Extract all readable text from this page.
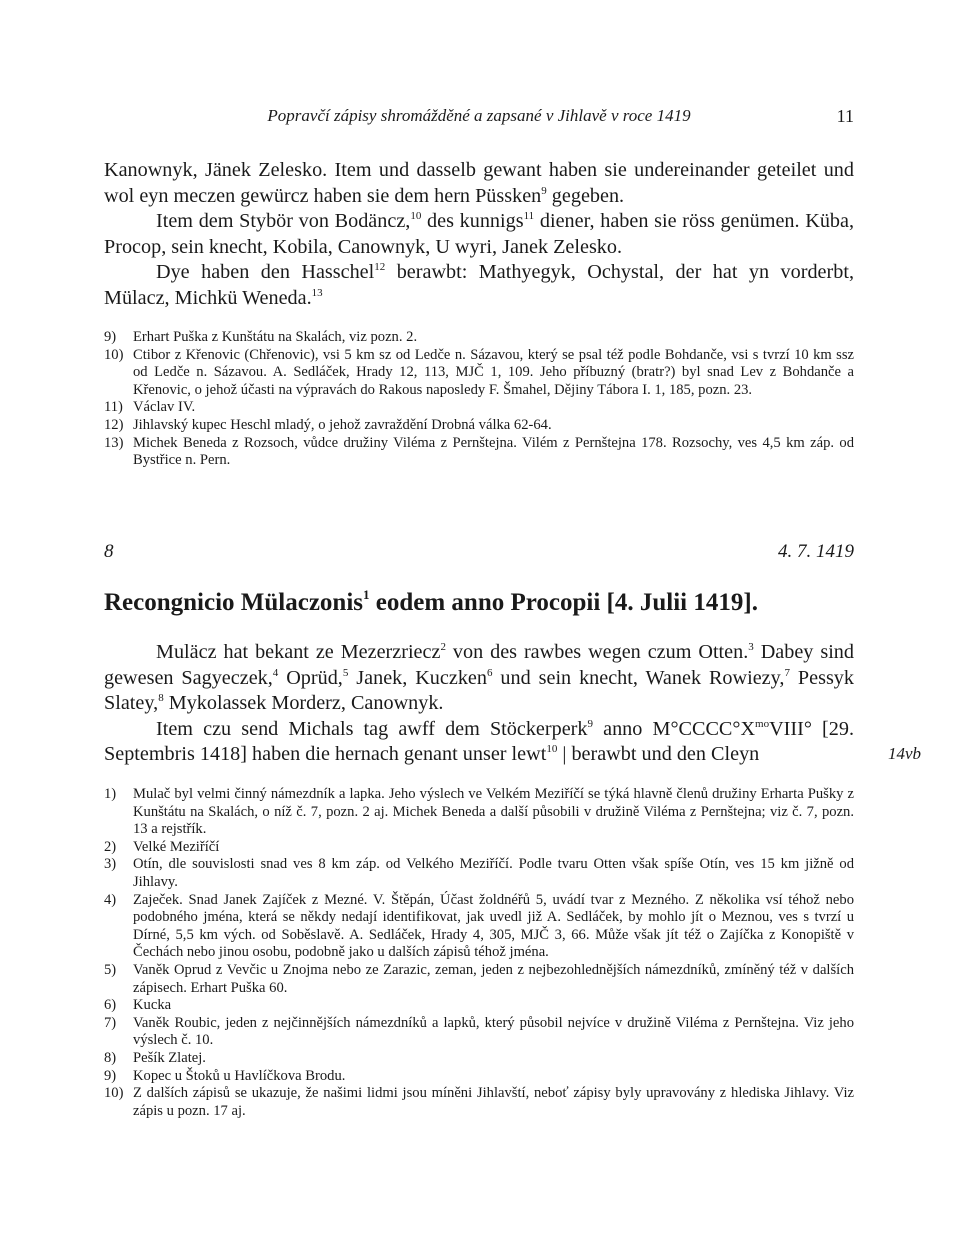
Popravčí zápisy shromážděné a zapsané v Jihlavě v roce 1419	11

Kanownyk, Jänek Zelesko. Item und dasselb gewant haben sie undereinander geteilet und wol eyn meczen gewürcz haben sie dem hern Püssken$^9$ gegeben.

Item dem Stybör von Bodäncz,$^{10}$ des kunnigs$^{11}$ diener, haben sie röss genümen. Küba, Procop, sein knecht, Kobila, Canownyk, U wyri, Janek Zelesko.

Dye haben den Hasschel$^{12}$ berawbt: Mathyegyk, Ochystal, der hat yn vorderbt, Mülacz, Michkü Weneda.$^{13}$

9)	Erhart Puška z Kunštátu na Skalách, viz pozn. 2.
10) Ctibor z Křenovic (Chřenovic), vsi 5 km sz od Ledče n. Sázavou, který se psal též podle Bohdanče, vsi s tvrzí 10 km ssz od Ledče n. Sázavou. A. Sedláček, Hrady 12, 113, MJČ 1, 109. Jeho příbuzný (bratr?) byl snad Lev z Bohdanče a Křenovic, o jehož účasti na výpravách do Rakous naposledy F. Šmahel, Dějiny Tábora I. 1, 185, pozn. 23.
11) Václav IV.
12) Jihlavský kupec Heschl mladý, o jehož zavraždění Drobná válka 62-64.
13) Michek Beneda z Rozsoch, vůdce družiny Viléma z Pernštejna. Vilém z Pernštejna 178. Rozsochy, ves 4,5 km záp. od Bystřice n. Pern.
8	4. 7. 1419
Recongnicio Mülaczonis$^1$ eodem anno Procopii [4. Julii 1419].

Muläcz hat bekant ze Mezerzriecz$^2$ von des rawbes wegen czum Otten.$^3$ Dabey sind gewesen Sagyeczek,$^4$ Oprüd,$^5$ Janek, Kuczken$^6$ und sein knecht, Wanek Rowiezy,$^7$ Pessyk Slatey,$^8$ Mykolassek Morderz, Canownyk.

Item czu send Michals tag awff dem Stöckerperk$^9$ anno $M^\circ CCCC^\circ X^{mo}VIII^\circ$ [29. Septembris 1418] haben die hernach genant unser lewt$^{10}$ | berawbt und den Cleyn	14vb
1)	Mulač byl velmi činný námezdník a lapka. Jeho výslech ve Velkém Meziříčí se týká hlavně členů družiny Erharta Pušky z Kunštátu na Skalách, o níž č. 7, pozn. 2 aj. Michek Beneda a další působili v družině Viléma z Pernštejna; viz č. 7, pozn. 13 a rejstřík.
2)	Velké Meziříčí
3)	Otín, dle souvislosti snad ves 8 km záp. od Velkého Meziříčí. Podle tvaru Otten však spíše Otín, ves 15 km jižně od Jihlavy.
4)	Zaječek. Snad Janek Zajíček z Mezné. V. Štěpán, Účast žoldnéřů 5, uvádí tvar z Mezného. Z několika vsí téhož nebo podobného jména, která se někdy nedají identifikovat, jak uvedl již A. Sedláček, by mohlo jít o Meznou, ves s tvrzí u Dírné, 5,5 km vých. od Soběslavě. A. Sedláček, Hrady 4, 305, MJČ 3, 66. Může však jít též o Zajíčka z Konopiště v Čechách nebo jinou osobu, podobně jako u dalších zápisů téhož jména.
5)	Vaněk Oprud z Vevčic u Znojma nebo ze Zarazic, zeman, jeden z nejbezohlednějších námezdníků, zmíněný též v dalších zápisech. Erhart Puška 60.
6)	Kucka
7)	Vaněk Roubic, jeden z nejčinnějších námezdníků a lapků, který působil nejvíce v družině Viléma z Pernštejna. Viz jeho výslech č. 10.
8)	Pešík Zlatej.
9)	Kopec u Štoků u Havlíčkova Brodu.
10) Z dalších zápisů se ukazuje, že našimi lidmi jsou míněni Jihlavští, neboť zápisy byly upravovány z hlediska Jihlavy. Viz zápis u pozn. 17 aj.
